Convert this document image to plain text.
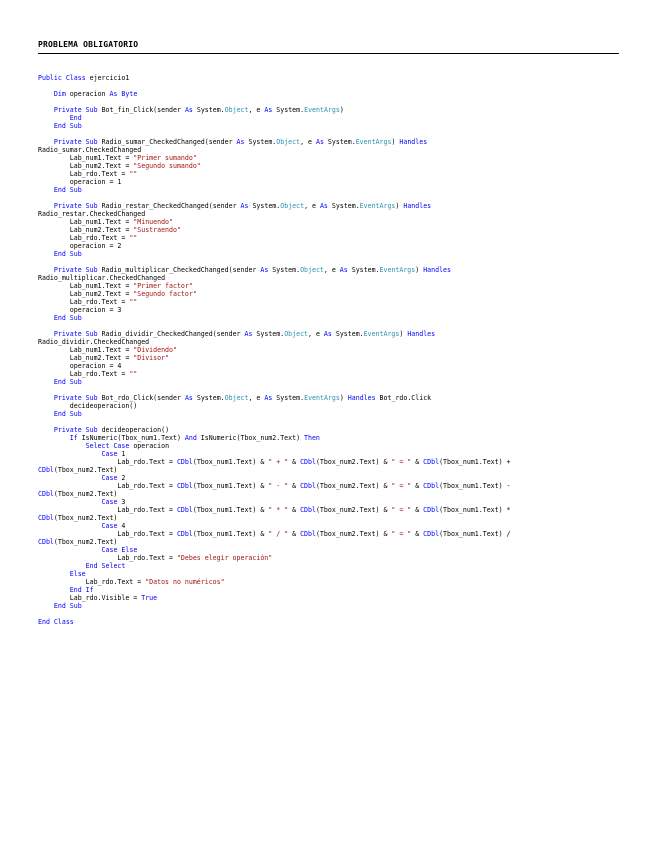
PROBLEMA OBLIGATORIO
Public Class ejercicio1
Dim operacion As Byte
Private Sub Bot_fin_Click(sender As System.Object, e As System.EventArgs)
End
End Sub
Private Sub Radio_sumar_CheckedChanged(sender As System.Object, e As System.EventArgs) Handles
Radio_sumar.CheckedChanged
Lab_num1.Text = "Primer sumando"
Lab_num2.Text = "Segundo sumando"
Lab_rdo.Text = ""
operacion = 1
End Sub
Private Sub Radio_restar_CheckedChanged(sender As System.Object, e As System.EventArgs) Handles
Radio_restar.CheckedChanged
Lab_num1.Text = "Minuendo"
Lab_num2.Text = "Sustraendo"
Lab_rdo.Text = ""
operacion = 2
End Sub
Private Sub Radio_multiplicar_CheckedChanged(sender As System.Object, e As System.EventArgs) Handles
Radio_multiplicar.CheckedChanged
Lab_num1.Text = "Primer factor"
Lab_num2.Text = "Segundo factor"
Lab_rdo.Text = ""
operacion = 3
End Sub
Private Sub Radio_dividir_CheckedChanged(sender As System.Object, e As System.EventArgs) Handles
Radio_dividir.CheckedChanged
Lab_num1.Text = "Dividendo"
Lab_num2.Text = "Divisor"
operacion = 4
Lab_rdo.Text = ""
End Sub
Private Sub Bot_rdo_Click(sender As System.Object, e As System.EventArgs) Handles Bot_rdo.Click
decideoperacion()
End Sub
Private Sub decideoperacion()
If IsNumeric(Tbox_num1.Text) And IsNumeric(Tbox_num2.Text) Then
Select Case operacion
Case 1
Lab_rdo.Text = CDbl(Tbox_num1.Text) & " + " & CDbl(Tbox_num2.Text) & " = " & CDbl(Tbox_num1.Text) +
CDbl(Tbox_num2.Text)
Case 2
Lab_rdo.Text = CDbl(Tbox_num1.Text) & " - " & CDbl(Tbox_num2.Text) & " = " & CDbl(Tbox_num1.Text) -
CDbl(Tbox_num2.Text)
Case 3
Lab_rdo.Text = CDbl(Tbox_num1.Text) & " * " & CDbl(Tbox_num2.Text) & " = " & CDbl(Tbox_num1.Text) *
CDbl(Tbox_num2.Text)
Case 4
Lab_rdo.Text = CDbl(Tbox_num1.Text) & " / " & CDbl(Tbox_num2.Text) & " = " & CDbl(Tbox_num1.Text) /
CDbl(Tbox_num2.Text)
Case Else
Lab_rdo.Text = "Debes elegir operación"
End Select
Else
Lab_rdo.Text = "Datos no numéricos"
End If
Lab_rdo.Visible = True
End Sub
End Class
